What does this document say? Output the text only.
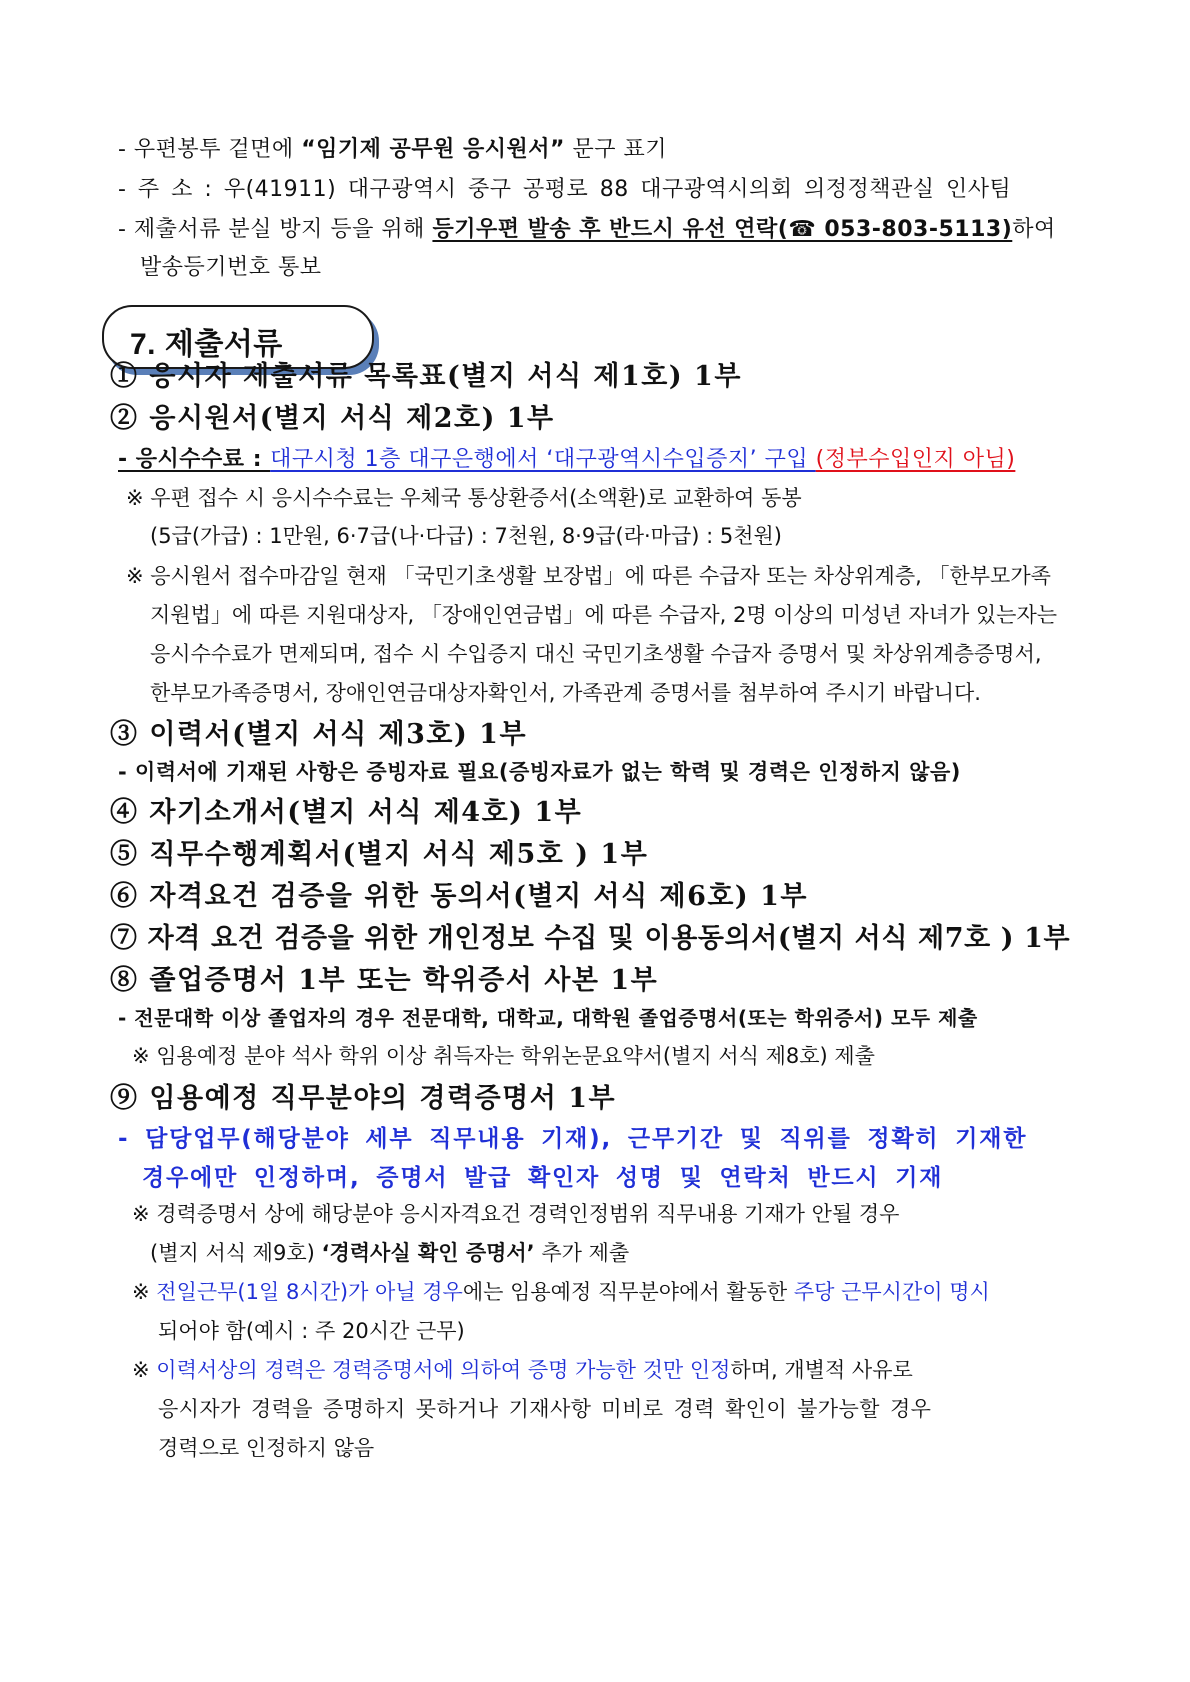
- 우편봉투 겉면에 “임기제 공무원 응시원서” 문구 표기
- 주 소 : 우(41911) 대구광역시 중구 공평로 88 대구광역시의회 의정정책관실 인사팀
- 제출서류 분실 방지 등을 위해 등기우편 발송 후 반드시 유선 연락(☎ 053-803-5113)하여
발송등기번호 통보
7. 제출서류
① 응시자 제출서류 목록표(별지 서식 제1호) 1부
② 응시원서(별지 서식 제2호) 1부
- 응시수수료 : 대구시청 1층 대구은행에서 ‘대구광역시수입증지’ 구입 (정부수입인지 아님)
※ 우편 접수 시 응시수수료는 우체국 통상환증서(소액환)로 교환하여 동봉
(5급(가급) : 1만원, 6·7급(나·다급) : 7천원, 8·9급(라·마급) : 5천원)
※ 응시원서 접수마감일 현재 「국민기초생활 보장법」에 따른 수급자 또는 차상위계층, 「한부모가족
지원법」에 따른 지원대상자, 「장애인연금법」에 따른 수급자, 2명 이상의 미성년 자녀가 있는자는
응시수수료가 면제되며, 접수 시 수입증지 대신 국민기초생활 수급자 증명서 및 차상위계층증명서,
한부모가족증명서, 장애인연금대상자확인서, 가족관계 증명서를 첨부하여 주시기 바랍니다.
③ 이력서(별지 서식 제3호) 1부
- 이력서에 기재된 사항은 증빙자료 필요(증빙자료가 없는 학력 및 경력은 인정하지 않음)
④ 자기소개서(별지 서식 제4호) 1부
⑤ 직무수행계획서(별지 서식 제5호 ) 1부
⑥ 자격요건 검증을 위한 동의서(별지 서식 제6호) 1부
⑦ 자격 요건 검증을 위한 개인정보 수집 및 이용동의서(별지 서식 제7호 ) 1부
⑧ 졸업증명서 1부 또는 학위증서 사본 1부
- 전문대학 이상 졸업자의 경우 전문대학, 대학교, 대학원 졸업증명서(또는 학위증서) 모두 제출
※ 임용예정 분야 석사 학위 이상 취득자는 학위논문요약서(별지 서식 제8호) 제출
⑨ 임용예정 직무분야의 경력증명서 1부
- 담당업무(해당분야 세부 직무내용 기재), 근무기간 및 직위를 정확히 기재한
경우에만 인정하며, 증명서 발급 확인자 성명 및 연락처 반드시 기재
※ 경력증명서 상에 해당분야 응시자격요건 경력인정범위 직무내용 기재가 안될 경우
(별지 서식 제9호) ‘경력사실 확인 증명서’ 추가 제출
※ 전일근무(1일 8시간)가 아닐 경우에는 임용예정 직무분야에서 활동한 주당 근무시간이 명시
되어야 함(예시 : 주 20시간 근무)
※ 이력서상의 경력은 경력증명서에 의하여 증명 가능한 것만 인정하며, 개별적 사유로
응시자가 경력을 증명하지 못하거나 기재사항 미비로 경력 확인이 불가능할 경우
경력으로 인정하지 않음
